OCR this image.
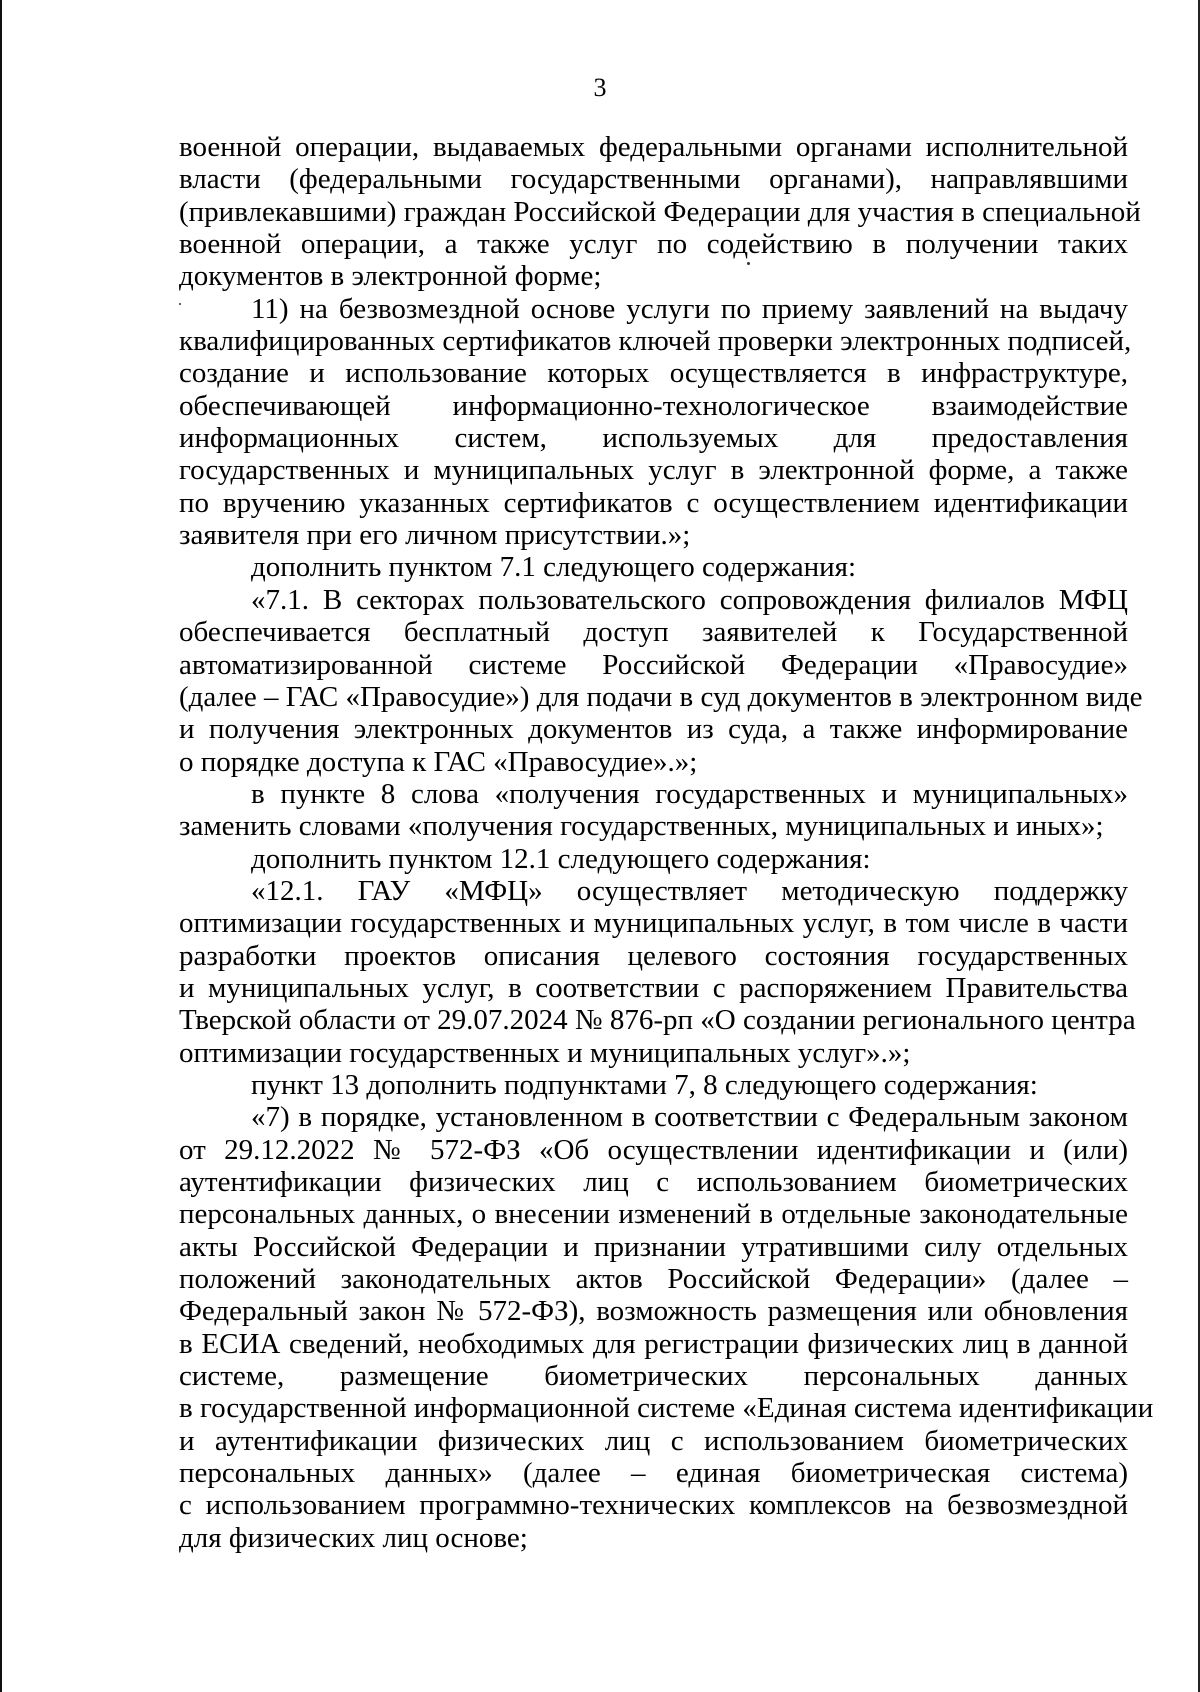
3
военной операции, выдаваемых федеральными органами исполнительной
власти (федеральными государственными органами), направлявшими
(привлекавшими) граждан Российской Федерации для участия в специальной
военной операции, а также услуг по содействию в получении таких
документов в электронной форме;
11) на безвозмездной основе услуги по приему заявлений на выдачу
квалифицированных сертификатов ключей проверки электронных подписей,
создание и использование которых осуществляется в инфраструктуре,
обеспечивающей информационно-технологическое взаимодействие
информационных систем, используемых для предоставления
государственных и муниципальных услуг в электронной форме, а также
по вручению указанных сертификатов с осуществлением идентификации
заявителя при его личном присутствии.»;
дополнить пунктом 7.1 следующего содержания:
«7.1. В секторах пользовательского сопровождения филиалов МФЦ
обеспечивается бесплатный доступ заявителей к Государственной
автоматизированной системе Российской Федерации «Правосудие»
(далее – ГАС «Правосудие») для подачи в суд документов в электронном виде
и получения электронных документов из суда, а также информирование
о порядке доступа к ГАС «Правосудие».»;
в пункте 8 слова «получения государственных и муниципальных»
заменить словами «получения государственных, муниципальных и иных»;
дополнить пунктом 12.1 следующего содержания:
«12.1. ГАУ «МФЦ» осуществляет методическую поддержку
оптимизации государственных и муниципальных услуг, в том числе в части
разработки проектов описания целевого состояния государственных
и муниципальных услуг, в соответствии с распоряжением Правительства
Тверской области от 29.07.2024 № 876-рп «О создании регионального центра
оптимизации государственных и муниципальных услуг».»;
пункт 13 дополнить подпунктами 7, 8 следующего содержания:
«7) в порядке, установленном в соответствии с Федеральным законом
от 29.12.2022 № 572-ФЗ «Об осуществлении идентификации и (или)
аутентификации физических лиц с использованием биометрических
персональных данных, о внесении изменений в отдельные законодательные
акты Российской Федерации и признании утратившими силу отдельных
положений законодательных актов Российской Федерации» (далее –
Федеральный закон № 572-ФЗ), возможность размещения или обновления
в ЕСИА сведений, необходимых для регистрации физических лиц в данной
системе, размещение биометрических персональных данных
в государственной информационной системе «Единая система идентификации
и аутентификации физических лиц с использованием биометрических
персональных данных» (далее – единая биометрическая система)
с использованием программно-технических комплексов на безвозмездной
для физических лиц основе;
